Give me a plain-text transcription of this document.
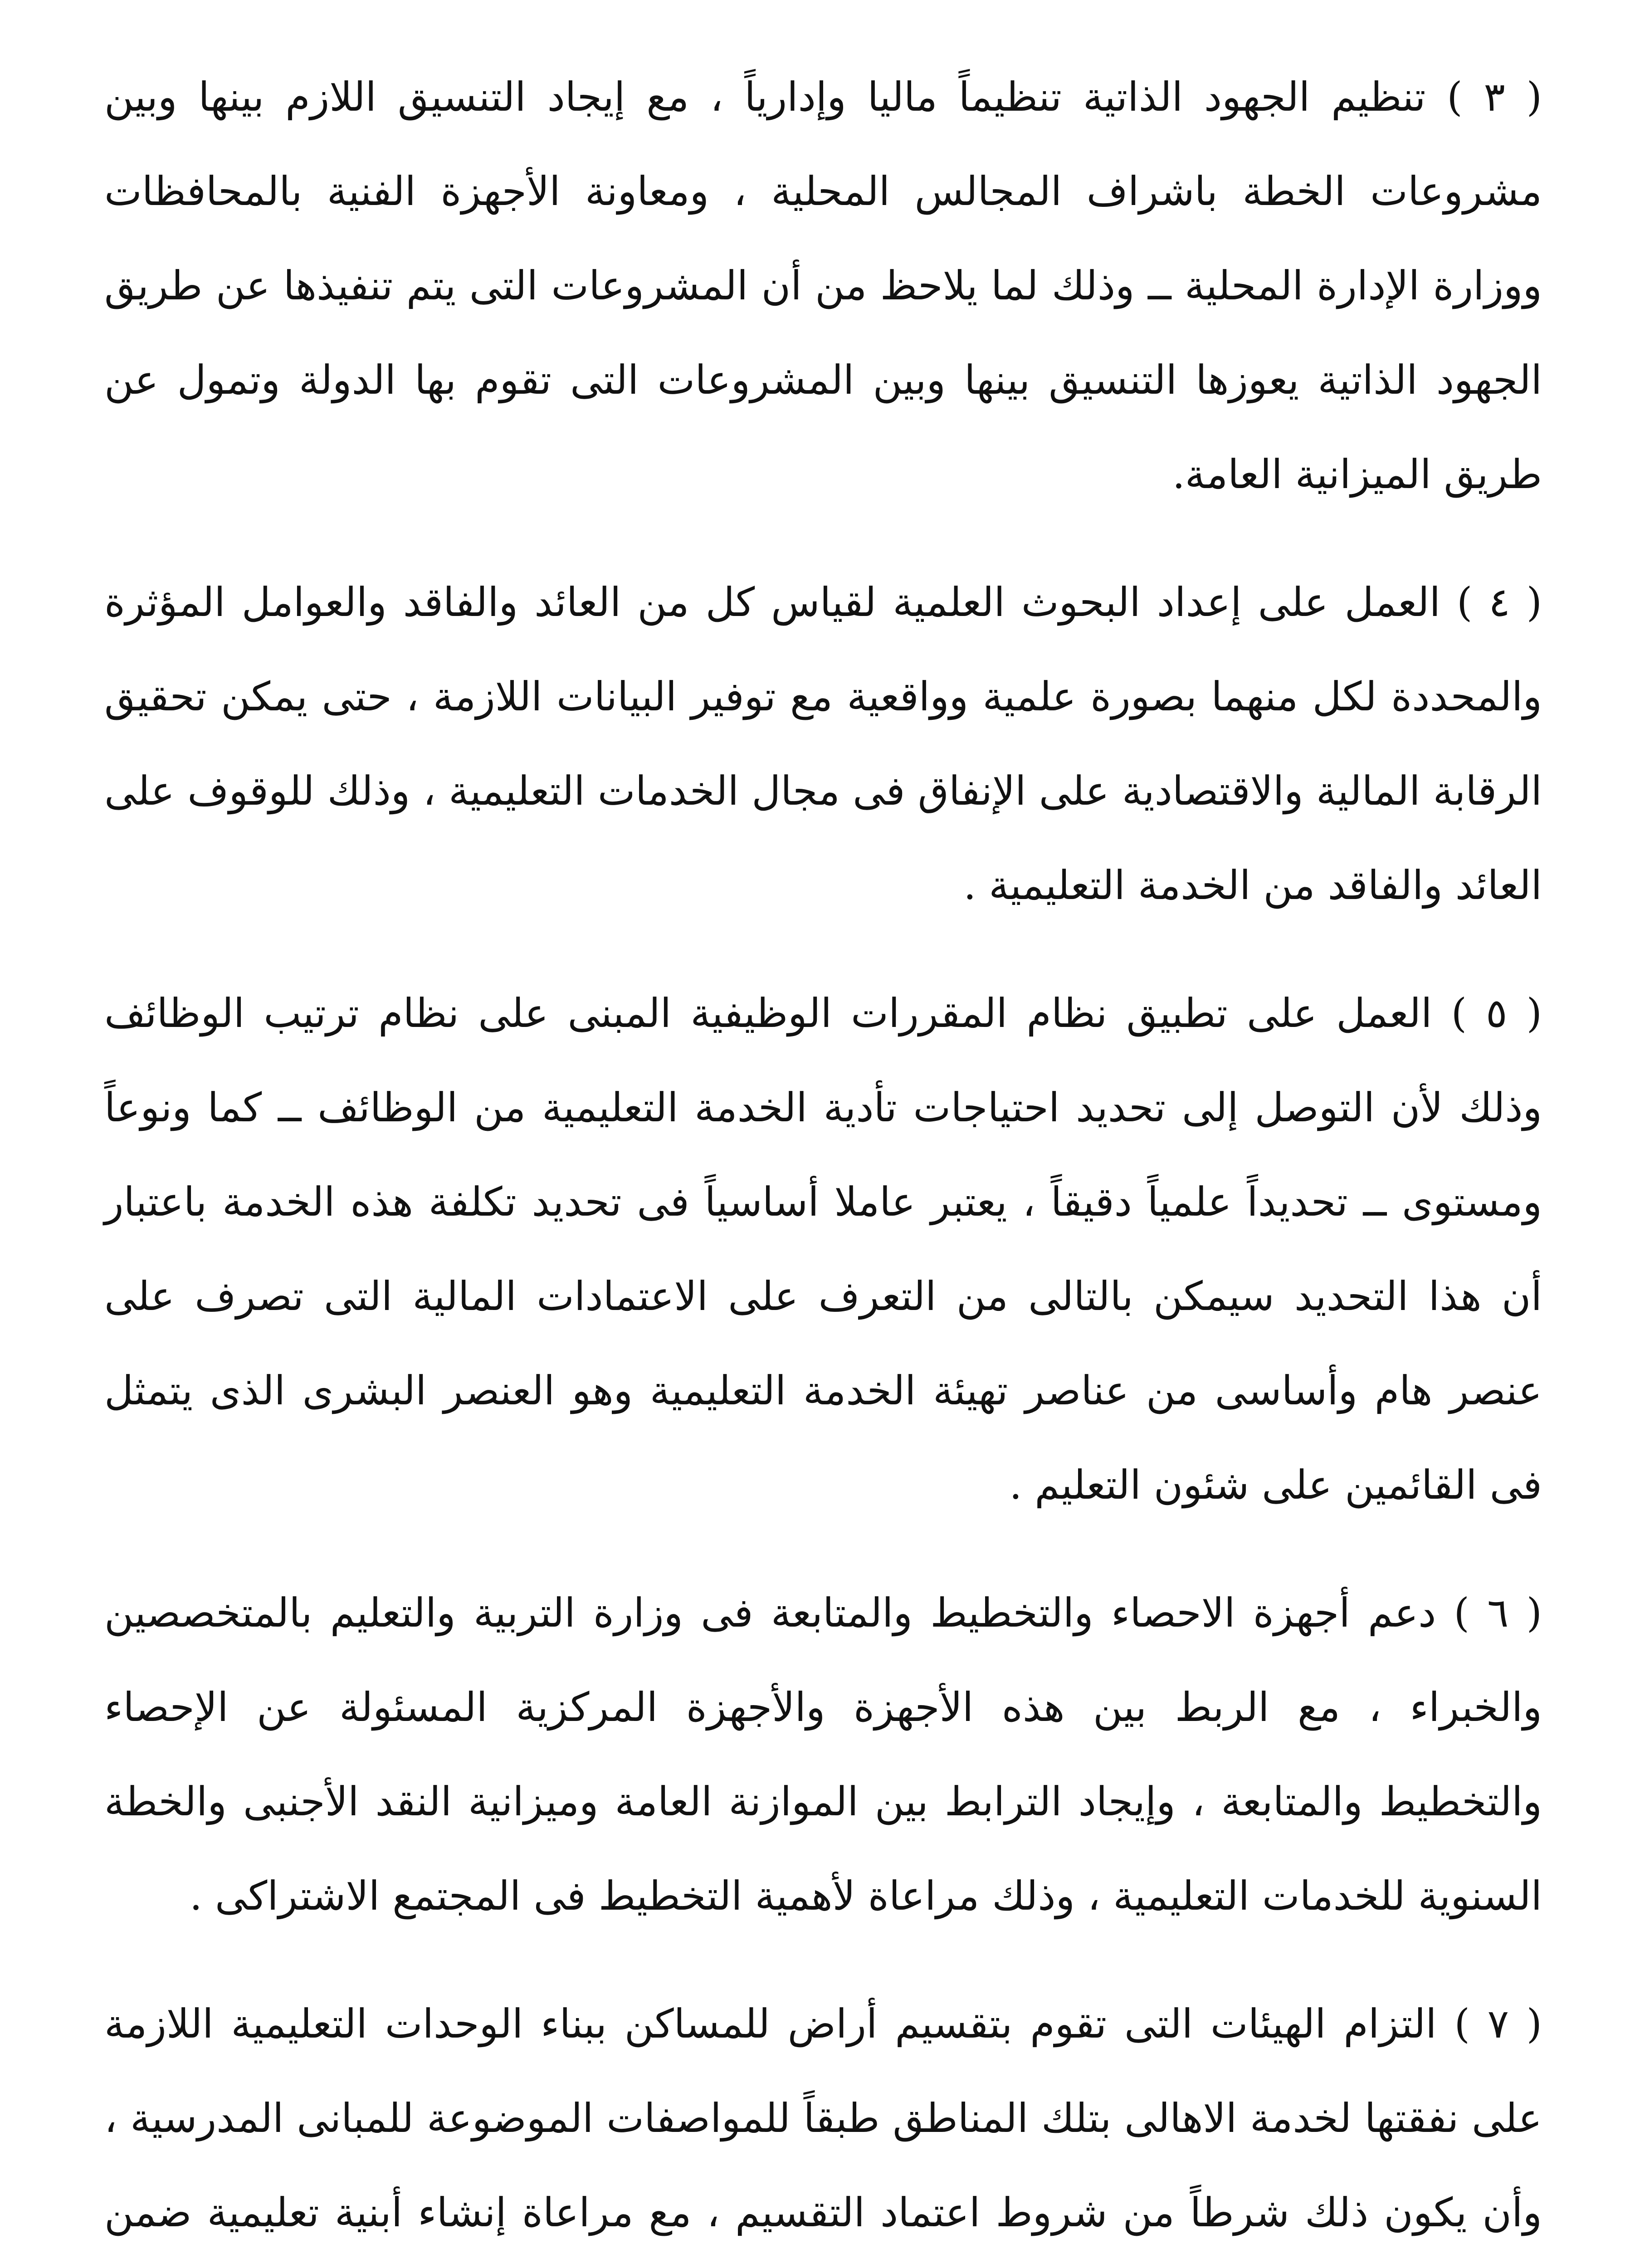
( ٣ ) تنظيم الجهود الذاتية تنظيماً ماليا وإدارياً ، مع إيجاد التنسيق اللازم بينها وبين مشروعات الخطة باشراف المجالس المحلية ، ومعاونة الأجهزة الفنية بالمحافظات ووزارة الإدارة المحلية ــ وذلك لما يلاحظ من أن المشروعات التى يتم تنفيذها عن طريق الجهود الذاتية يعوزها التنسيق بينها وبين المشروعات التى تقوم بها الدولة وتمول عن طريق الميزانية العامة.

( ٤ ) العمل على إعداد البحوث العلمية لقياس كل من العائد والفاقد والعوامل المؤثرة والمحددة لكل منهما بصورة علمية وواقعية مع توفير البيانات اللازمة ، حتى يمكن تحقيق الرقابة المالية والاقتصادية على الإنفاق فى مجال الخدمات التعليمية ، وذلك للوقوف على العائد والفاقد من الخدمة التعليمية .

( ٥ ) العمل على تطبيق نظام المقررات الوظيفية المبنى على نظام ترتيب الوظائف وذلك لأن التوصل إلى تحديد احتياجات تأدية الخدمة التعليمية من الوظائف ــ كما ونوعاً ومستوى ــ تحديداً علمياً دقيقاً ، يعتبر عاملا أساسياً فى تحديد تكلفة هذه الخدمة باعتبار أن هذا التحديد سيمكن بالتالى من التعرف على الاعتمادات المالية التى تصرف على عنصر هام وأساسى من عناصر تهيئة الخدمة التعليمية وهو العنصر البشرى الذى يتمثل فى القائمين على شئون التعليم .

( ٦ ) دعم أجهزة الاحصاء والتخطيط والمتابعة فى وزارة التربية والتعليم بالمتخصصين والخبراء ، مع الربط بين هذه الأجهزة والأجهزة المركزية المسئولة عن الإحصاء والتخطيط والمتابعة ، وإيجاد الترابط بين الموازنة العامة وميزانية النقد الأجنبى والخطة السنوية للخدمات التعليمية ، وذلك مراعاة لأهمية التخطيط فى المجتمع الاشتراكى .

( ٧ ) التزام الهيئات التى تقوم بتقسيم أراض للمساكن ببناء الوحدات التعليمية اللازمة على نفقتها لخدمة الاهالى بتلك المناطق طبقاً للمواصفات الموضوعة للمبانى المدرسية ، وأن يكون ذلك شرطاً من شروط اعتماد التقسيم ، مع مراعاة إنشاء أبنية تعليمية ضمن
